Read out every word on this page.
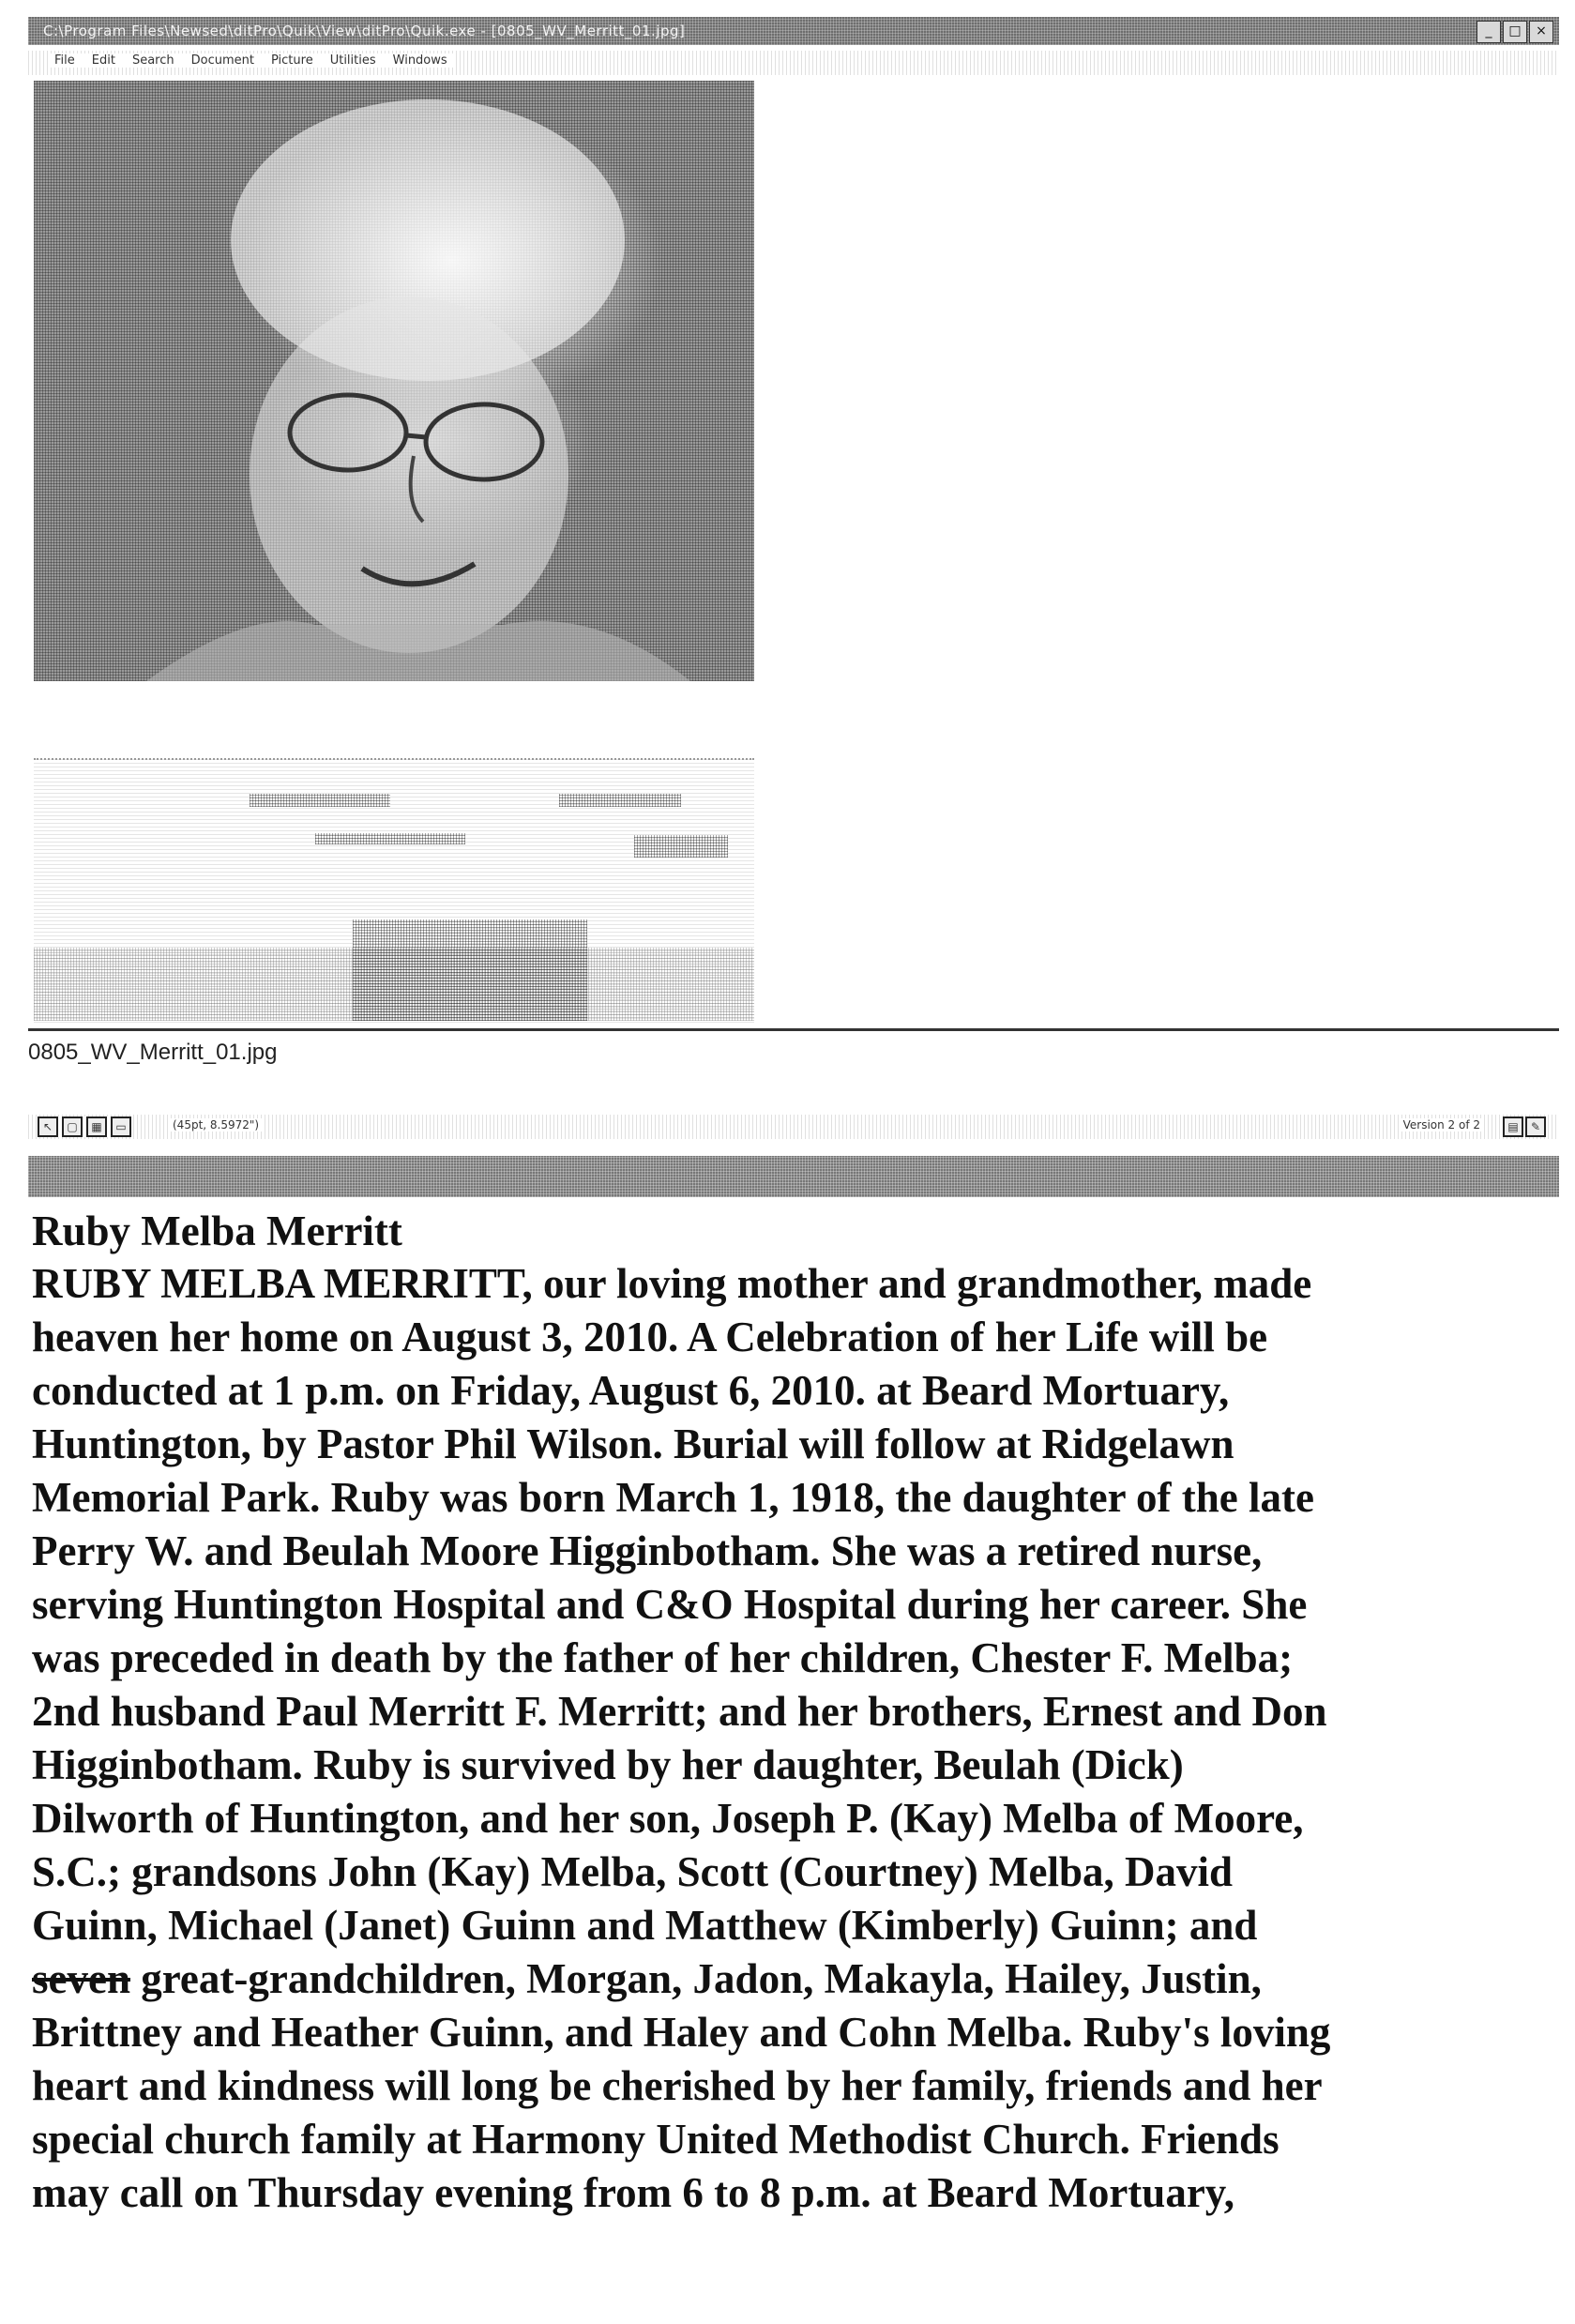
C:\Program Files\Newsed\ditPro\Quik\View\ditPro\Quik.exe - [0805_WV_Merritt_01.jpg]	_	□	×
File Edit Search Document Picture Utilities Windows
0805_WV_Merritt_01.jpg
↖	▢	▦	▭	(45pt, 8.5972")	Version 2 of 2	▤	✎

Ruby Melba Merritt

RUBY MELBA MERRITT, our loving mother and grandmother, made

heaven her home on August 3, 2010. A Celebration of her Life will be

conducted at 1 p.m. on Friday, August 6, 2010. at Beard Mortuary,

Huntington, by Pastor Phil Wilson. Burial will follow at Ridgelawn

Memorial Park. Ruby was born March 1, 1918, the daughter of the late

Perry W. and Beulah Moore Higginbotham. She was a retired nurse,

serving Huntington Hospital and C&O Hospital during her career. She

was preceded in death by the father of her children, Chester F. Melba;

2nd husband Paul Merritt F. Merritt; and her brothers, Ernest and Don

Higginbotham. Ruby is survived by her daughter, Beulah (Dick)

Dilworth of Huntington, and her son, Joseph P. (Kay) Melba of Moore,

S.C.; grandsons John (Kay) Melba, Scott (Courtney) Melba, David

Guinn, Michael (Janet) Guinn and Matthew (Kimberly) Guinn; and

seven great-grandchildren, Morgan, Jadon, Makayla, Hailey, Justin,

Brittney and Heather Guinn, and Haley and Cohn Melba. Ruby's loving

heart and kindness will long be cherished by her family, friends and her

special church family at Harmony United Methodist Church. Friends

may call on Thursday evening from 6 to 8 p.m. at Beard Mortuary,
